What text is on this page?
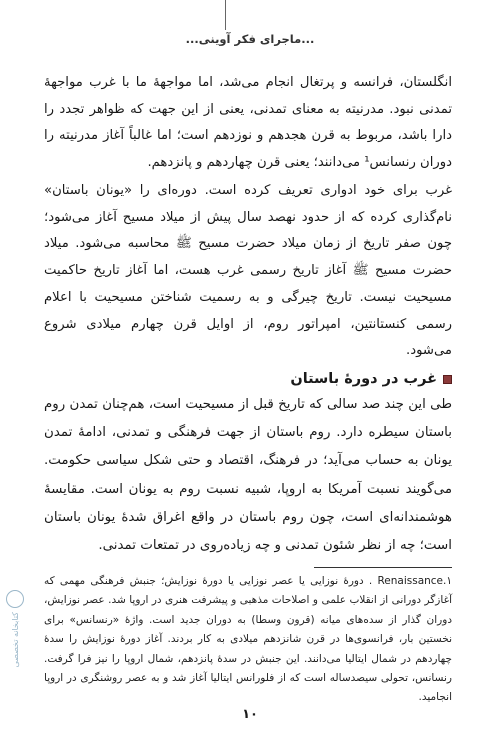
...ماجرای فکر آوینی...

انگلستان، فرانسه و پرتغال انجام می‌شد، اما مواجههٔ ما با غرب مواجههٔ تمدنی نبود. مدرنیته به معنای تمدنی، یعنی از این جهت که ظواهر تجدد را دارا باشد، مربوط به قرن هجدهم و نوزدهم است؛ اما غالباً آغاز مدرنیته را دوران رنسانس¹ می‌دانند؛ یعنی قرن چهاردهم و پانزدهم.

غرب برای خود ادواری تعریف کرده است. دوره‌ای را «یونان باستان» نام‌گذاری کرده که از حدود نهصد سال پیش از میلاد مسیح آغاز می‌شود؛ چون صفر تاریخ از زمان میلاد حضرت مسیح ﷺ محاسبه می‌شود. میلاد حضرت مسیح ﷺ آغاز تاریخ رسمی غرب هست، اما آغاز تاریخ حاکمیت مسیحیت نیست. تاریخ چیرگی و به رسمیت شناختن مسیحیت با اعلام رسمی کنستانتین، امپراتور روم، از اوایل قرن چهارم میلادی شروع می‌شود.

غرب در دورهٔ باستان

طی این چند صد سالی که تاریخ قبل از مسیحیت است، هم‌چنان تمدن روم باستان سیطره دارد. روم باستان از جهت فرهنگی و تمدنی، ادامهٔ تمدن یونان به حساب می‌آید؛ در فرهنگ، اقتصاد و حتی شکل سیاسی حکومت. می‌گویند نسبت آمریکا به اروپا، شبیه نسبت روم به یونان است. مقایسهٔ هوشمندانه‌ای است، چون روم باستان در واقع اغراق شدهٔ یونان باستان است؛ چه از نظر شئون تمدنی و چه زیاده‌روی در تمتعات تمدنی.

Renaissance.۱ . دورهٔ نوزایی یا عصر نوزایی یا دورهٔ نوزایش؛ جنبش فرهنگی مهمی که آغازگر دورانی از انقلاب علمی و اصلاحات مذهبی و پیشرفت هنری در اروپا شد. عصر نوزایش، دوران گذار از سده‌های میانه (قرون وسطا) به دوران جدید است. واژهٔ «رنسانس» برای نخستین بار، فرانسوی‌ها در قرن شانزدهم میلادی به کار بردند. آغاز دورهٔ نوزایش را سدهٔ چهاردهم در شمال ایتالیا می‌دانند. این جنبش در سدهٔ پانزدهم، شمال اروپا را نیز فرا گرفت. رنسانس، تحولی سیصدساله است که از فلورانس ایتالیا آغاز شد و به عصر روشنگری در اروپا انجامید.

۱۰
کتابخانه تخصصی
